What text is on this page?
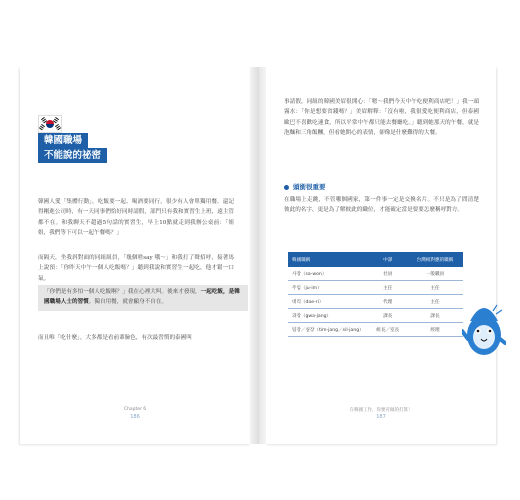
韓國職場
不能說的祕密

韓國人愛「集體行動」，吃飯要一起、喝酒要同行，很少有人會單獨用餐。還記得剛進公司時，有一天同事們恰好同時請假，部門只有我和實習生上班，遠主管都不在。和我聊天不超過5句話的實習生，早上10點就走到我辦公桌前：「姐姐，我們等下可以一起午餐嗎？」

而隔天，坐我斜對面的同組組員，「幾個啥say 哦～」和我打了聲招呼，接著馬上說預：「你昨天中午一個人吃飯嗎？」聽到我說和實習生一起吃，他才鬆一口氣。

「你們是有多怕一個人吃飯啊？」我在心裡大叫。後來才發現，一起吃飯，是韓國職場人士的習慣。獨自用餐，就會顯身不自在。

而且唯「吃什麼」，大多都是看前輩臉色，有次最習慣的泰國叫

Chapter 6
186

事請假，同組的韓國美眉很開心：「嗯～我們今天中午吃便利商店吧！」我一頭霧水：「你是想要省錢嗎？」美眉解釋：「沒有啦，我很愛吃便利商店，但泰國歐巴不喜歡吃速食，所以平常中午都只能去餐廳吃。」聽到她那天的午餐，就是泡麵和三角飯糰，但看她開心的表情，卻像是什麼難得的大餐。

頭銜很重要

在職場上走跳，不管哪個國家，第一件事一定是交換名片。不只是為了問清楚彼此的名字，更是為了解彼此的職位，才能確定當是要要怎麼稱呼對方。

韓國職稱	中譯	台灣相對應的職稱
사장（sa-won）	社員	一般職員
주임（ju-im）	主任	主任
대리（dae-ri）	代理	主任
과장（gwa-jang）	課長	課長
팀장／실장（tim-jang／sil-jang）	組長／室長	經理
在韓國工作，你要有做的打算！
187
